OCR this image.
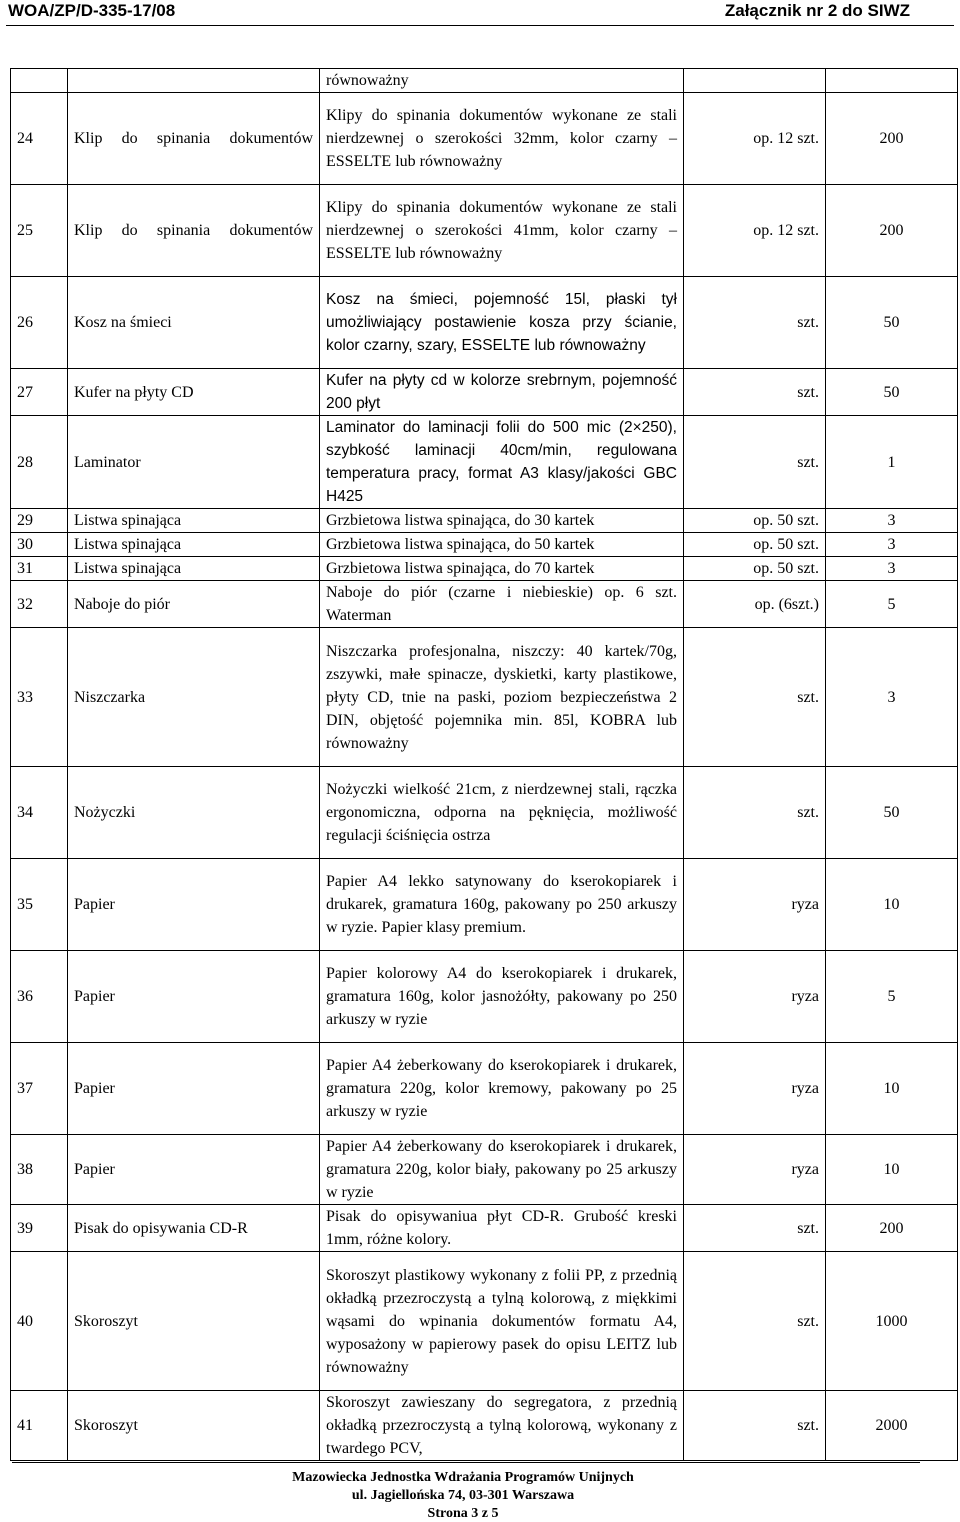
WOA/ZP/D-335-17/08	Załącznik nr 2 do SIWZ
		równoważny		
24	Klip do spinania dokumentów	Klipy do spinania dokumentów wykonane ze stali nierdzewnej o szerokości 32mm, kolor czarny – ESSELTE lub równoważny	op. 12 szt.	200
25	Klip do spinania dokumentów	Klipy do spinania dokumentów wykonane ze stali nierdzewnej o szerokości 41mm, kolor czarny – ESSELTE lub równoważny	op. 12 szt.	200
26	Kosz na śmieci	Kosz na śmieci, pojemność 15l, płaski tył umożliwiający postawienie kosza przy ścianie, kolor czarny, szary, ESSELTE lub równoważny	szt.	50
27	Kufer na płyty CD	Kufer na płyty cd w kolorze srebrnym, pojemność 200 płyt	szt.	50
28	Laminator	Laminator do laminacji folii do 500 mic (2×250), szybkość laminacji 40cm/min, regulowana temperatura pracy, format A3 klasy/jakości GBC H425	szt.	1
29	Listwa spinająca	Grzbietowa listwa spinająca, do 30 kartek	op. 50 szt.	3
30	Listwa spinająca	Grzbietowa listwa spinająca, do 50 kartek	op. 50 szt.	3
31	Listwa spinająca	Grzbietowa listwa spinająca, do 70 kartek	op. 50 szt.	3
32	Naboje do piór	Naboje do piór (czarne i niebieskie) op. 6 szt. Waterman	op. (6szt.)	5
33	Niszczarka	Niszczarka profesjonalna, niszczy: 40 kartek/70g, zszywki, małe spinacze, dyskietki, karty plastikowe, płyty CD, tnie na paski, poziom bezpieczeństwa 2 DIN, objętość pojemnika min. 85l, KOBRA lub równoważny	szt.	3
34	Nożyczki	Nożyczki wielkość 21cm, z nierdzewnej stali, rączka ergonomiczna, odporna na pęknięcia, możliwość regulacji ściśnięcia ostrza	szt.	50
35	Papier	Papier A4 lekko satynowany do kserokopiarek i drukarek, gramatura 160g, pakowany po 250 arkuszy w ryzie. Papier klasy premium.	ryza	10
36	Papier	Papier kolorowy A4 do kserokopiarek i drukarek, gramatura 160g, kolor jasnożółty, pakowany po 250 arkuszy w ryzie	ryza	5
37	Papier	Papier A4 żeberkowany do kserokopiarek i drukarek, gramatura 220g, kolor kremowy, pakowany po 25 arkuszy w ryzie	ryza	10
38	Papier	Papier A4 żeberkowany do kserokopiarek i drukarek, gramatura 220g, kolor biały, pakowany po 25 arkuszy w ryzie	ryza	10
39	Pisak do opisywania CD-R	Pisak do opisywaniua płyt CD-R. Grubość kreski 1mm, różne kolory.	szt.	200
40	Skoroszyt	Skoroszyt plastikowy wykonany z folii PP, z przednią okładką przezroczystą a tylną kolorową, z miękkimi wąsami do wpinania dokumentów formatu A4, wyposażony w papierowy pasek do opisu LEITZ lub równoważny	szt.	1000
41	Skoroszyt	Skoroszyt zawieszany do segregatora, z przednią okładką przezroczystą a tylną kolorową, wykonany z twardego PCV,	szt.	2000
Mazowiecka Jednostka Wdrażania Programów Unijnych
ul. Jagiellońska 74, 03-301 Warszawa
Strona 3 z 5
